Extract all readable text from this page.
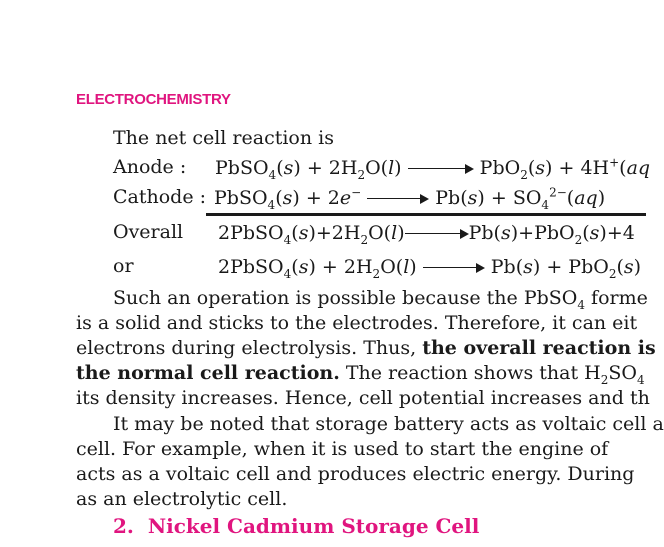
ELECTROCHEMISTRY
The net cell reaction is
Anode : PbSO$_4$(s) + $2H_2O(l)$	PbO$_2$(s) + 4H+(aq
Cathode : PbSO$_4$(s) + 2e−	$Pb(s) + SO_4^{2-}(aq)$
Overall $2PbSO_4(s)+2H_2O(l)$	Pb(s)+PbO$_2$(s)+4
or	2PbSO$_4$(s) + $2H_2O(l)$	Pb(s) + PbO$_2$(s)
Such an operation is possible because the PbSO$_4$ forme
is a solid and sticks to the electrodes. Therefore, it can eit
electrons during electrolysis. Thus, the overall reaction is
the normal cell reaction. The reaction shows that $H_2SO_4$
its density increases. Hence, cell potential increases and th
It may be noted that storage battery acts as voltaic cell a
cell. For example, when it is used to start the engine of
acts as a voltaic cell and produces electric energy. During
as an electrolytic cell.
2. Nickel Cadmium Storage Cell
